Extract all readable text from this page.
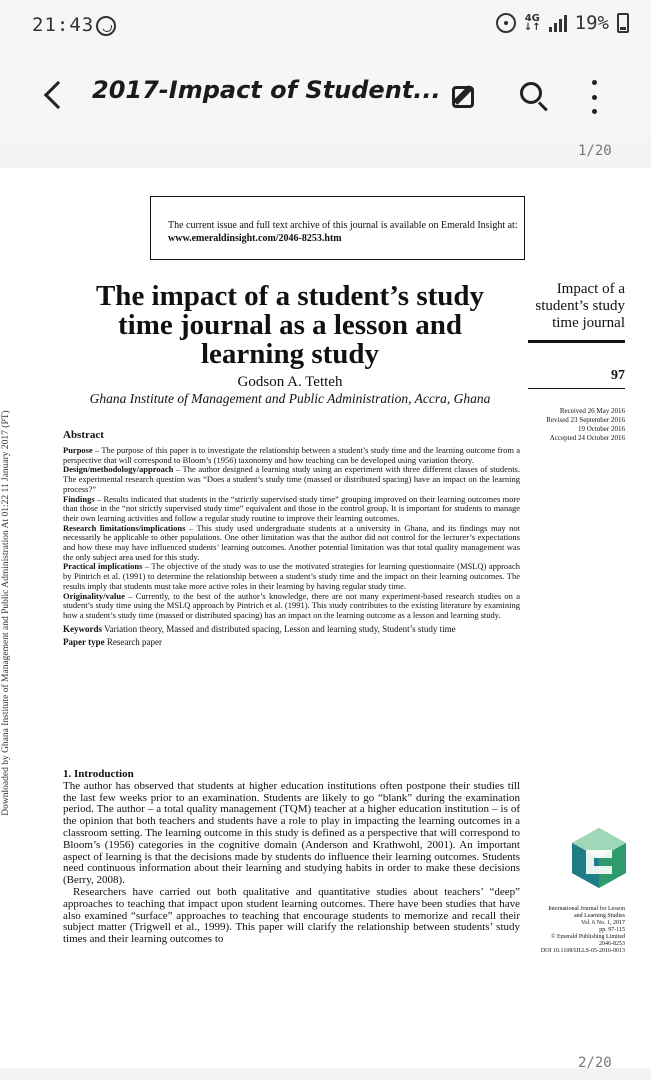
21:43	4G
↓↑ 19%
2017-Impact of Student...
1/20
Downloaded by Ghana Institute of Management and Public Administration At 01:22 11 January 2017 (PT)
The current issue and full text archive of this journal is available on Emerald Insight at:
www.emeraldinsight.com/2046-8253.htm
The impact of a student’s study
time journal as a lesson and
learning study
Godson A. Tetteh
Ghana Institute of Management and Public Administration, Accra, Ghana
Impact of a
student’s study
time journal
97
Received 26 May 2016
Revised 23 September 2016
19 October 2016
Accepted 24 October 2016
Abstract

Purpose – The purpose of this paper is to investigate the relationship between a student’s study time and the learning outcome from a perspective that will correspond to Bloom’s (1956) taxonomy and how teaching can be developed using variation theory.

Design/methodology/approach – The author designed a learning study using an experiment with three different classes of students. The experimental research question was “Does a student’s study time (massed or distributed spacing) have an impact on the learning process?”

Findings – Results indicated that students in the “strictly supervised study time” grouping improved on their learning outcomes more than those in the “not strictly supervised study time” equivalent and those in the control group. It is important for students to manage their own learning activities and follow a regular study routine to improve their learning outcomes.

Research limitations/implications – This study used undergraduate students at a university in Ghana, and its findings may not necessarily be applicable to other populations. One other limitation was that the author did not control for the lecturer’s expectations and how these may have influenced students’ learning outcomes. Another potential limitation was that total quality management was the only subject area used for this study.

Practical implications – The objective of the study was to use the motivated strategies for learning questionnaire (MSLQ) approach by Pintrich et al. (1991) to determine the relationship between a student’s study time and the impact on their learning outcomes. The results imply that students must take more active roles in their learning by having regular study time.

Originality/value – Currently, to the best of the author’s knowledge, there are not many experiment-based research studies on a student’s study time using the MSLQ approach by Pintrich et al. (1991). This study contributes to the existing literature by examining how a student’s study time (massed or distributed spacing) has an impact on the learning outcome as a lesson and learning study.

Keywords Variation theory, Massed and distributed spacing, Lesson and learning study, Student’s study time

Paper type Research paper

1. Introduction

The author has observed that students at higher education institutions often postpone their studies till the last few weeks prior to an examination. Students are likely to go “blank” during the examination period. The author – a total quality management (TQM) teacher at a higher education institution – is of the opinion that both teachers and students have a role to play in impacting the learning outcomes in a classroom setting. The learning outcome in this study is defined as a perspective that will correspond to Bloom’s (1956) categories in the cognitive domain (Anderson and Krathwohl, 2001). An important aspect of learning is that the decisions made by students do influence their learning outcomes. Students need continuous information about their learning and studying habits in order to make these decisions (Berry, 2008).

Researchers have carried out both qualitative and quantitative studies about teachers’ “deep” approaches to teaching that impact upon student learning outcomes. There have been studies that have also examined “surface” approaches to teaching that encourage students to memorize and recall their subject matter (Trigwell et al., 1999). This paper will clarify the relationship between students’ study times and their learning outcomes to

International Journal for Lesson
and Learning Studies
Vol. 6 No. 1, 2017
pp. 97-115
© Emerald Publishing Limited
2046-8253
DOI 10.1108/IJLLS-05-2016-0013
2/20
